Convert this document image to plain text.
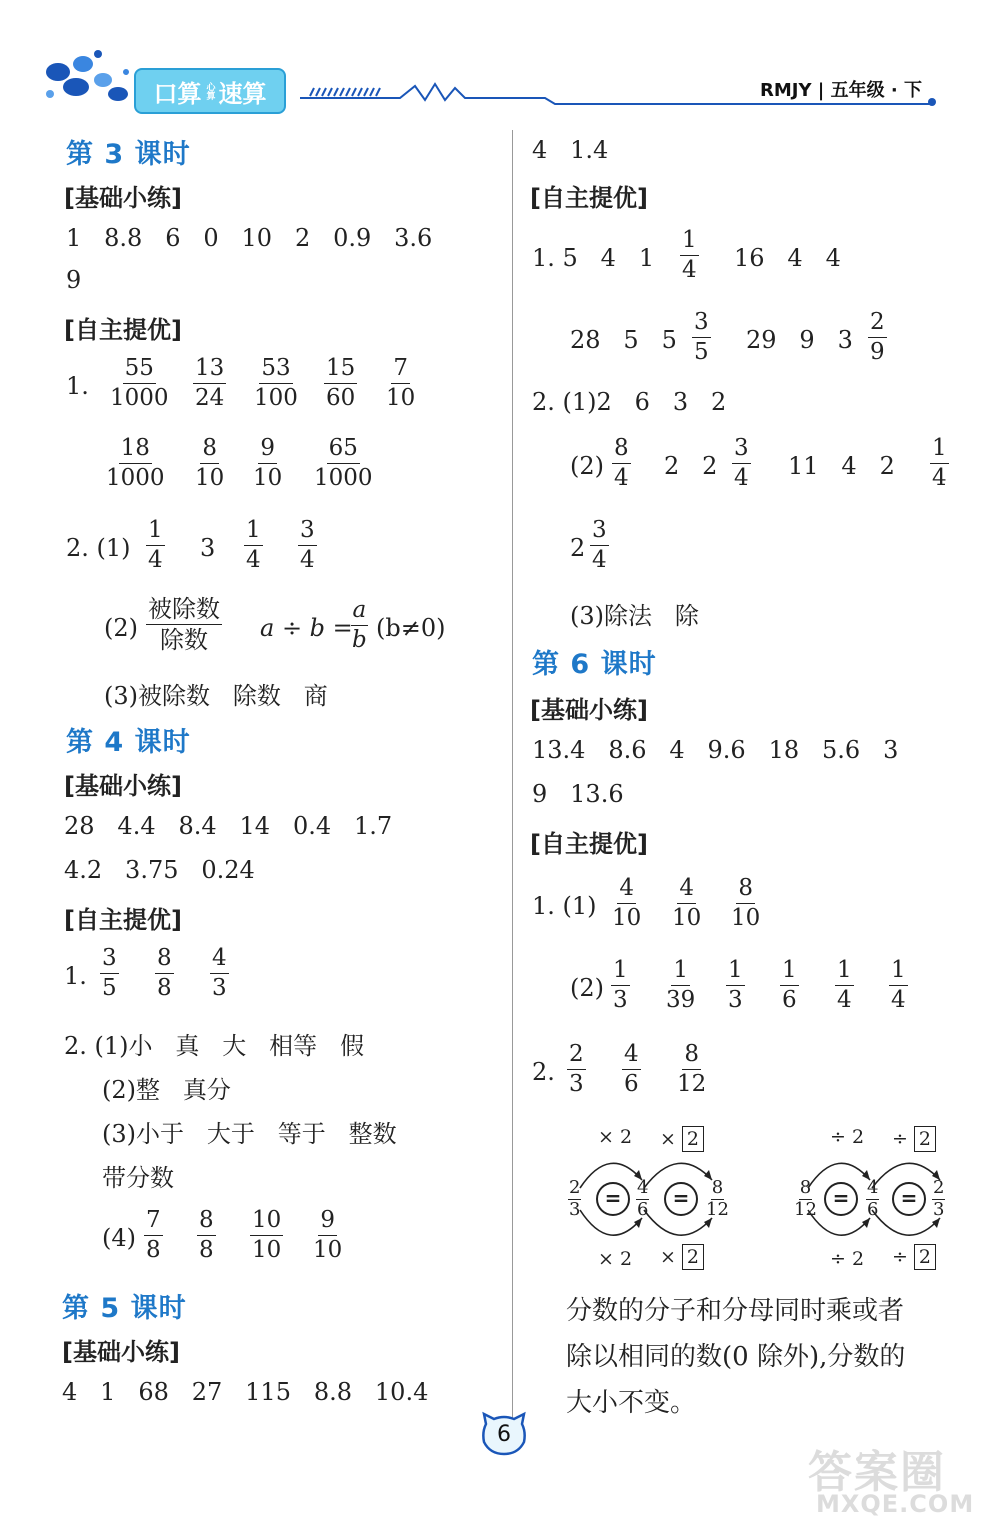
口算 心算 速算	RMJY | 五年级 · 下
第 3 课时
[基础小练]
1   8.8   6   0   10   2   0.9   3.6
9
[自主提优]
1. $\frac{55}{1000} \frac{13}{24} \frac{53}{100} \frac{15}{60} \frac{7}{10}$
$\frac{18}{1000} \frac{8}{10} \frac{9}{10} \frac{65}{1000}$
2. $(1) \frac{1}{4} 3 \frac{1}{4} \frac{3}{4}$
(2)
被除数
除数 a ÷ b =
$\frac{a}{b} (b\ne 0)$
(3)被除数   除数   商
第 4 课时
[基础小练]
28   4.4   8.4   14   0.4   1.7
4.2   3.75   0.24
[自主提优]
1. $\frac{3}{5} \frac{8}{8} \frac{4}{3}$
2. (1)小   真   大   相等   假
(2)整   真分
(3)小于   大于   等于   整数
带分数
$(4) \frac{7}{8} \frac{8}{8} \frac{10}{10} \frac{9}{10}$
第 5 课时
[基础小练]
4   1   68   27   115   8.8   10.4
4   1.4
[自主提优]
1. 5   4   $1 \frac{1}{4} 16$   4   4
28   5   $5 \frac{3}{5} 29$   9   $3 \frac{2}{9}$
2. (1)2   6   3   2
$(2) \frac{8}{4} 2$   $2 \frac{3}{4} 11$   4   $2 \frac{1}{4}$
$2 \frac{3}{4}$
(3)除法   除
第 6 课时
[基础小练]
13.4   8.6   4   9.6   18   5.6   3
9   13.6
[自主提优]
1. $(1) \frac{4}{10} \frac{4}{10} \frac{8}{10}$
$(2) \frac{1}{3} \frac{1}{39} \frac{1}{3} \frac{1}{6} \frac{1}{4} \frac{1}{4}$
2. $\frac{2}{3} \frac{4}{6} \frac{8}{12}$
× 2 × 2
× 2 × 2
2
3	= 4
6	=	8
12
÷ 2 ÷ 2
÷ 2 ÷ 2
8
12 = 4
6	= 2
3
分数的分子和分母同时乘或者
除以相同的数(0 除外),分数的
大小不变。
6
答案圈
MXQE.COM
